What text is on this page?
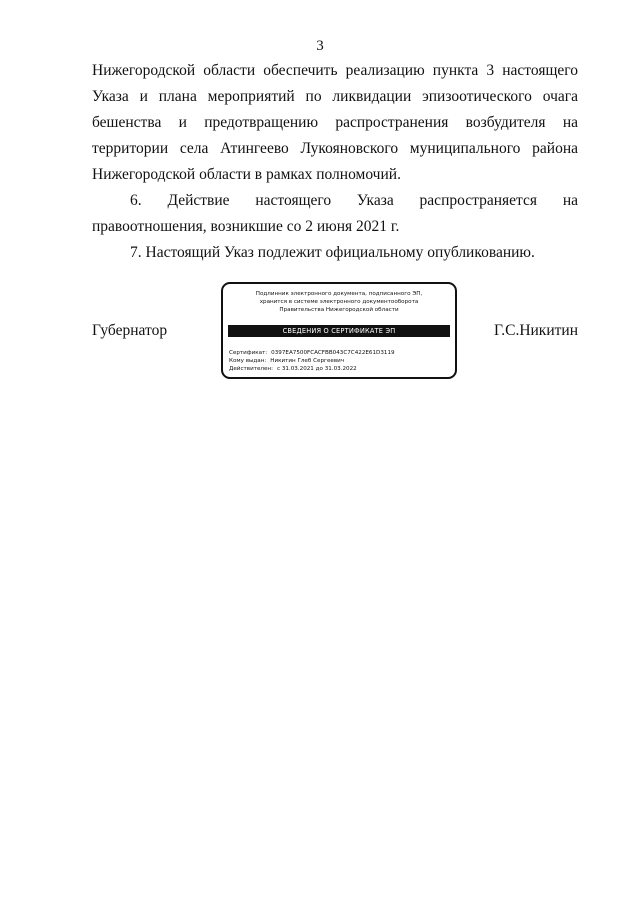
3

Нижегородской области обеспечить реализацию пункта 3 настоящего Указа и плана мероприятий по ликвидации эпизоотического очага бешенства и предотвращению распространения возбудителя на территории села Атингеево Лукояновского муниципального района Нижегородской области в рамках полномочий.

6. Действие настоящего Указа распространяется на правоотношения, возникшие со 2 июня 2021 г.

7. Настоящий Указ подлежит официальному опубликованию.

Губернатор
Подлинник электронного документа, подписанного ЭП,
хранится в системе электронного документооборота
Правительства Нижегородской области
СВЕДЕНИЯ О СЕРТИФИКАТЕ ЭП
Сертификат: 0397EA7500FCACFBB043C7C422E61D3119
Кому выдан: Никитин Глеб Сергеевич
Действителен: с 31.03.2021 до 31.03.2022
Г.С.Никитин
